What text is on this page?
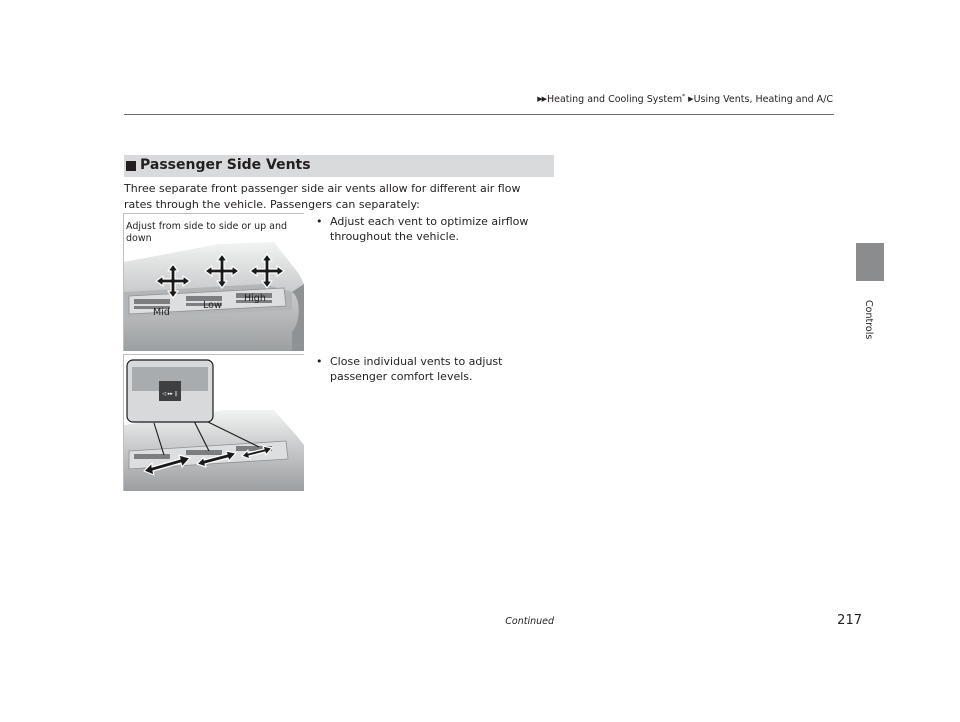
▶▶Heating and Cooling System* ▶Using Vents, Heating and A/C
Controls
Passenger Side Vents
Three separate front passenger side air vents allow for different air flow rates through the vehicle. Passengers can separately:
Adjust from side to side or up and down
Mid
Low
High
◁ ▸▸ ||
• Adjust each vent to optimize airflow throughout the vehicle.
• Close individual vents to adjust passenger comfort levels.
Continued	217
